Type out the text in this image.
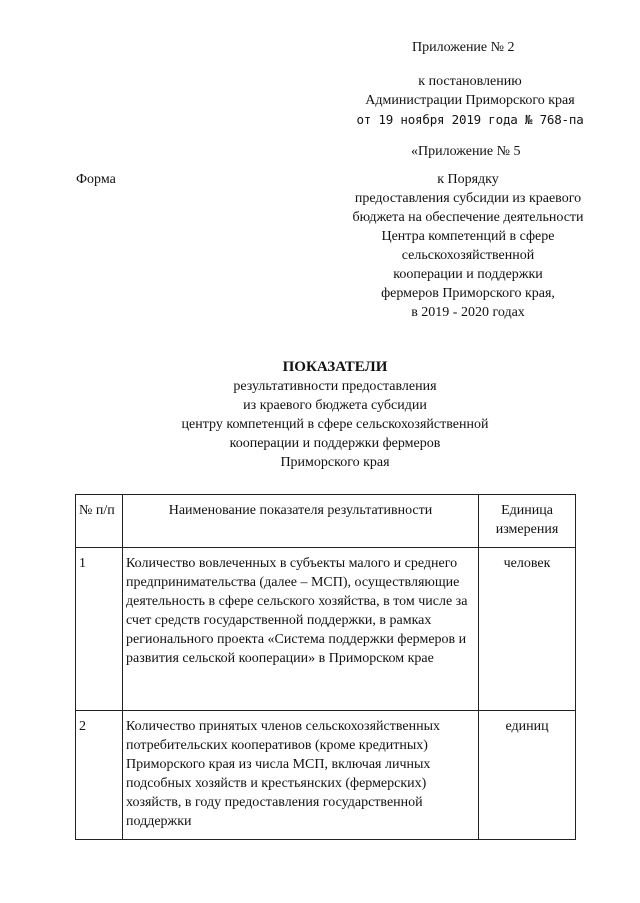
Приложение № 2
к постановлению
Администрации Приморского края
от 19 ноября 2019 года № 768-па
«Приложение № 5
Форма	к Порядку
предоставления субсидии из краевого
бюджета на обеспечение деятельности
Центра компетенций в сфере
сельскохозяйственной
кооперации и поддержки
фермеров Приморского края,
в 2019 - 2020 годах
ПОКАЗАТЕЛИ
результативности предоставления
из краевого бюджета субсидии
центру компетенций в сфере сельскохозяйственной
кооперации и поддержки фермеров
Приморского края
№ п/п	Наименование показателя результативности	Единица измерения
1	Количество вовлеченных в субъекты малого и среднего предпринимательства (далее – МСП), осуществляющие деятельность в сфере сельского хозяйства, в том числе за счет средств государственной поддержки, в рамках регионального проекта «Система поддержки фермеров и развития сельской кооперации» в Приморском крае	человек
2	Количество принятых членов сельскохозяйственных потребительских кооперативов (кроме кредитных) Приморского края из числа МСП, включая личных подсобных хозяйств и крестьянских (фермерских) хозяйств, в году предоставления государственной поддержки	единиц
